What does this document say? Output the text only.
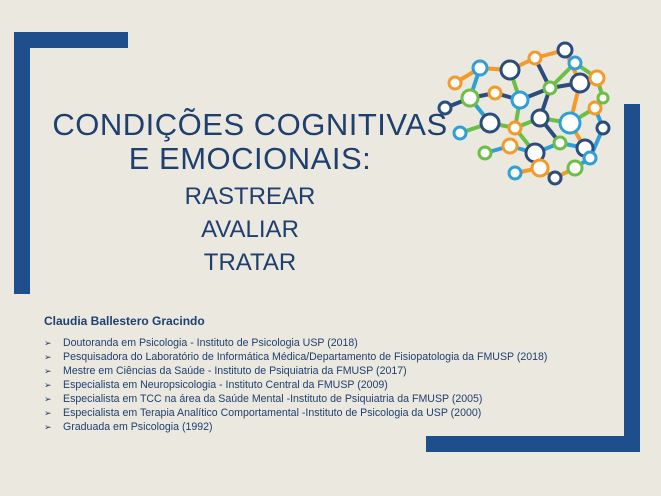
CONDIÇÕES COGNITIVAS
E EMOCIONAIS:
RASTREAR
AVALIAR
TRATAR
Claudia Ballestero Gracindo
➢ Doutoranda em Psicologia - Instituto de Psicologia USP (2018)
➢ Pesquisadora do Laboratório de Informática Médica/Departamento de Fisiopatologia da FMUSP (2018)
➢ Mestre em Ciências da Saúde - Instituto de Psiquiatria da FMUSP (2017)
➢ Especialista em Neuropsicologia - Instituto Central da FMUSP (2009)
➢ Especialista em TCC na área da Saúde Mental -Instituto de Psiquiatria da FMUSP (2005)
➢ Especialista em Terapia Analítico Comportamental -Instituto de Psicologia da USP (2000)
➢ Graduada em Psicologia (1992)
